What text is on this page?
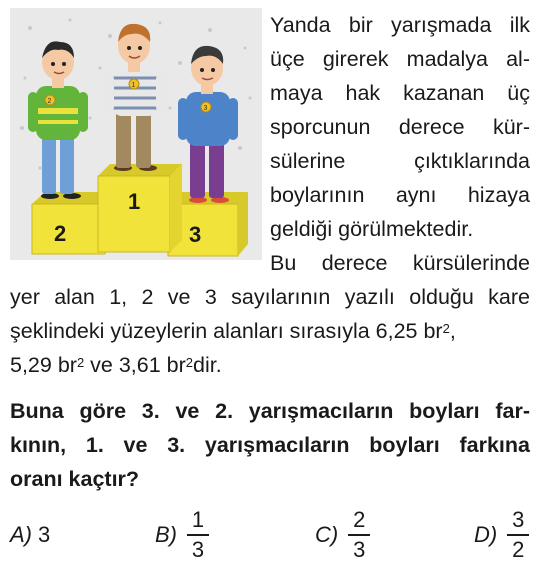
1
2	3
2
1
3
Yanda bir yarışmada ilk
üçe girerek madalya al-
maya hak kazanan üç
sporcunun derece kür-
sülerine çıktıklarında
boylarının aynı hizaya
geldiği görülmektedir.
Bu derece kürsülerinde
yer alan 1, 2 ve 3 sayılarının yazılı olduğu kare
şeklindeki yüzeylerin alanları sırasıyla 6,25 $br^2$,
5,29 $br^2$ ve 3,61 $br^2dir$.
Buna göre 3. ve 2. yarışmacıların boyları far-
kının, 1. ve 3. yarışmacıların boyları farkına
oranı kaçtır?
A) 3	$B) \frac{1}{3}$	$C) \frac{2}{3}$	$D) \frac{3}{2}$
